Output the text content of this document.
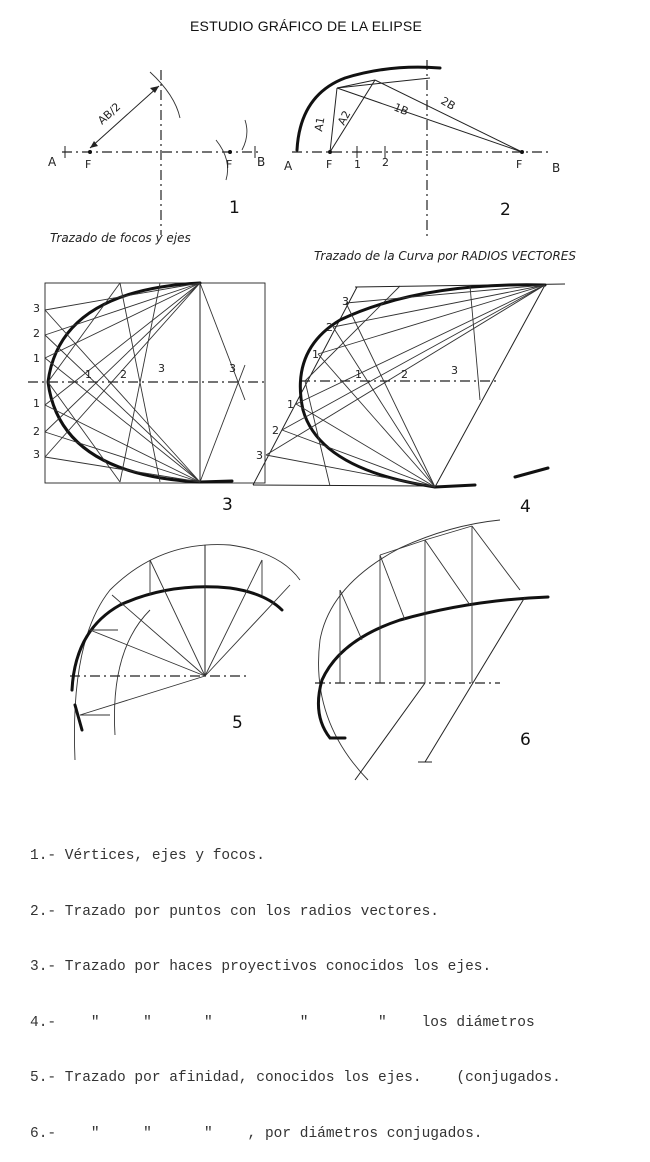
ESTUDIO GRÁFICO DE LA ELIPSE
A	B
F	F
AB/2
1
Trazado de focos y ejes
A	B
F	F
1 2
A1 A2	1B	2B
2
Trazado de la Curva por RADIOS VECTORES
3
2
1
1
2
3
1	2	3	3
3
3
2
1
1
2
3
1	2	3
4
5
6

1.- Vértices, ejes y focos.

2.- Trazado por puntos con los radios vectores.

3.- Trazado por haces proyectivos conocidos los ejes.

4.-    "     "      "          "        "    los diámetros

5.- Trazado por afinidad, conocidos los ejes.    (conjugados.

6.-    "     "      "    , por diámetros conjugados.
